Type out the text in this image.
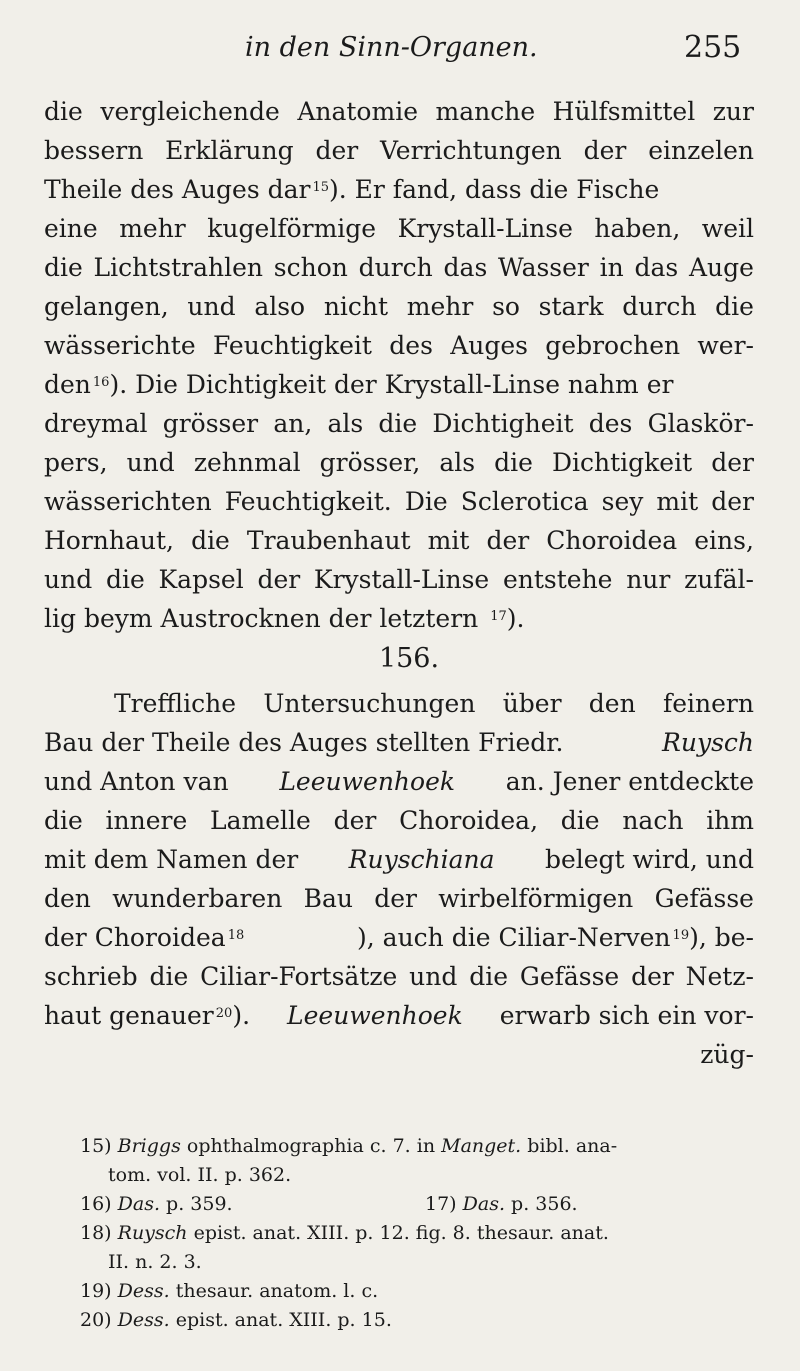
in den Sinn-Organen.	255
die vergleichende Anatomie manche Hülfsmittel zur
bessern Erklärung der Verrichtungen der einzelen
Theile des Auges dar $^{15}$). Er fand, dass die Fische
eine mehr kugelförmige Krystall-Linse haben, weil
die Lichtstrahlen schon durch das Wasser in das Auge
gelangen, und also nicht mehr so stark durch die
wässerichte Feuchtigkeit des Auges gebrochen wer-
den $^{16}$). Die Dichtigkeit der Krystall-Linse nahm er
dreymal grösser an, als die Dichtigheit des Glaskör-
pers, und zehnmal grösser, als die Dichtigkeit der
wässerichten Feuchtigkeit. Die Sclerotica sey mit der
Hornhaut, die Traubenhaut mit der Choroidea eins,
und die Kapsel der Krystall-Linse entstehe nur zufäl-
lig beym Austrocknen der letztern $^{17}$).
156.
Treffliche Untersuchungen über den feinern
Bau der Theile des Auges stellten Friedr.	Ruysch
und Anton van Leeuwenhoek an. Jener entdeckte
die innere Lamelle der Choroidea, die nach ihm
mit dem Namen der Ruyschiana belegt wird, und
den wunderbaren Bau der wirbelförmigen Gefässe
der Choroidea $^{18}$	), auch die Ciliar-Nerven $^{19}$), be-
schrieb die Ciliar-Fortsätze und die Gefässe der Netz-
haut genauer $^{20}$). Leeuwenhoek erwarb sich ein vor-
züg-
15) Briggs ophthalmographia c. 7. in Manget. bibl. ana-
tom. vol. II. p. 362.
16) Das. p. 359.	17) Das. p. 356.
18) Ruysch epist. anat. XIII. p. 12. fig. 8. thesaur. anat.
II. n. 2. 3.
19) Dess. thesaur. anatom. l. c.
20) Dess. epist. anat. XIII. p. 15.
